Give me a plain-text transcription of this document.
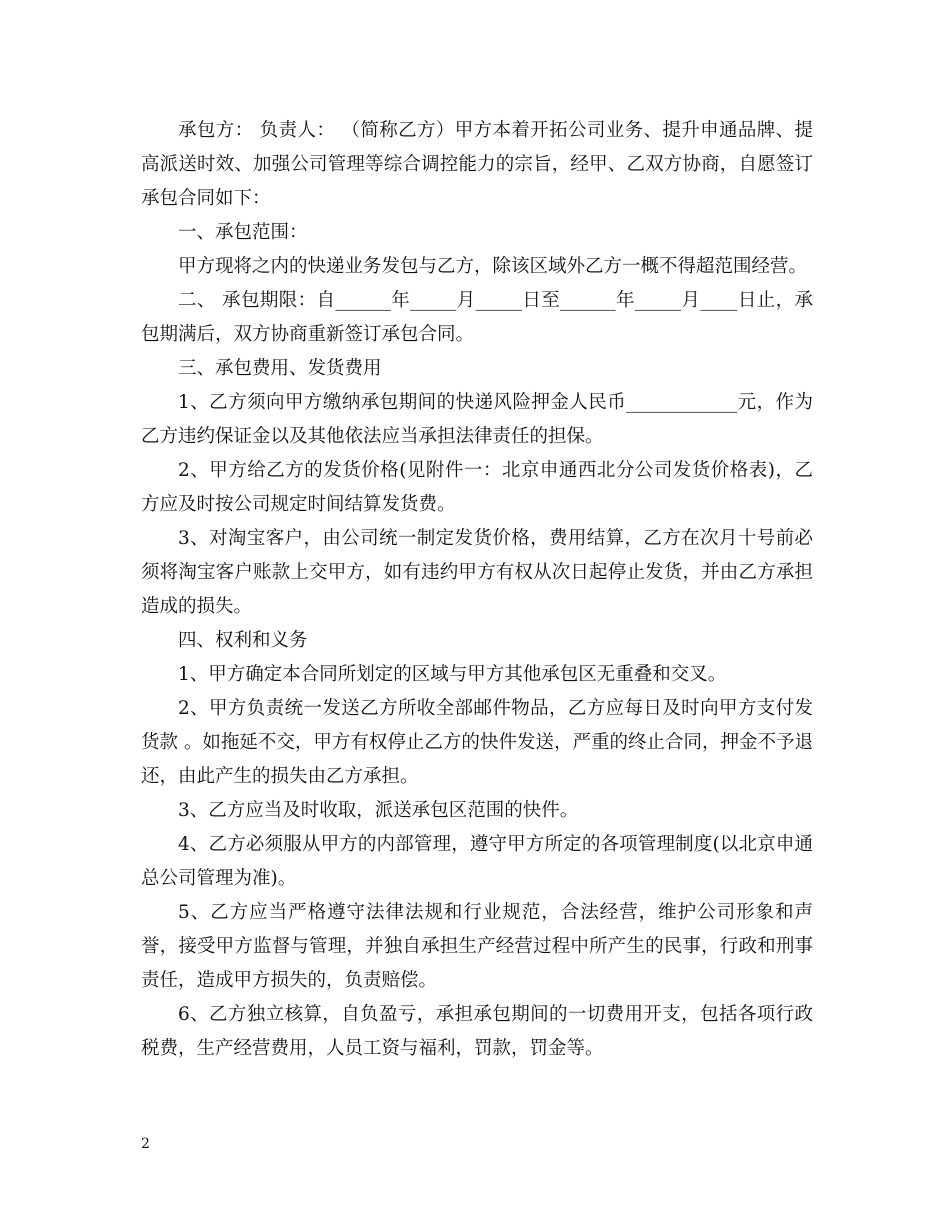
承包方： 负责人： （简称乙方）甲方本着开拓公司业务、提升申通品牌、提高派送时效、加强公司管理等综合调控能力的宗旨，经甲、乙双方协商，自愿签订承包合同如下：

一、承包范围：

甲方现将之内的快递业务发包与乙方，除该区域外乙方一概不得超范围经营。

二、 承包期限：自______年_____月_____日至______年_____月____日止，承包期满后，双方协商重新签订承包合同。

三、承包费用、发货费用

1、乙方须向甲方缴纳承包期间的快递风险押金人民币____________元，作为乙方违约保证金以及其他依法应当承担法律责任的担保。

2、甲方给乙方的发货价格(见附件一：北京申通西北分公司发货价格表)，乙方应及时按公司规定时间结算发货费。

3、对淘宝客户，由公司统一制定发货价格，费用结算，乙方在次月十号前必须将淘宝客户账款上交甲方，如有违约甲方有权从次日起停止发货，并由乙方承担造成的损失。

四、权利和义务

1、甲方确定本合同所划定的区域与甲方其他承包区无重叠和交叉。

2、甲方负责统一发送乙方所收全部邮件物品，乙方应每日及时向甲方支付发货款 。如拖延不交，甲方有权停止乙方的快件发送，严重的终止合同，押金不予退还，由此产生的损失由乙方承担。

3、乙方应当及时收取，派送承包区范围的快件。

4、乙方必须服从甲方的内部管理，遵守甲方所定的各项管理制度(以北京申通总公司管理为准)。

5、乙方应当严格遵守法律法规和行业规范，合法经营，维护公司形象和声誉，接受甲方监督与管理，并独自承担生产经营过程中所产生的民事，行政和刑事责任，造成甲方损失的，负责赔偿。

6、乙方独立核算，自负盈亏，承担承包期间的一切费用开支，包括各项行政税费，生产经营费用，人员工资与福利，罚款，罚金等。

2
